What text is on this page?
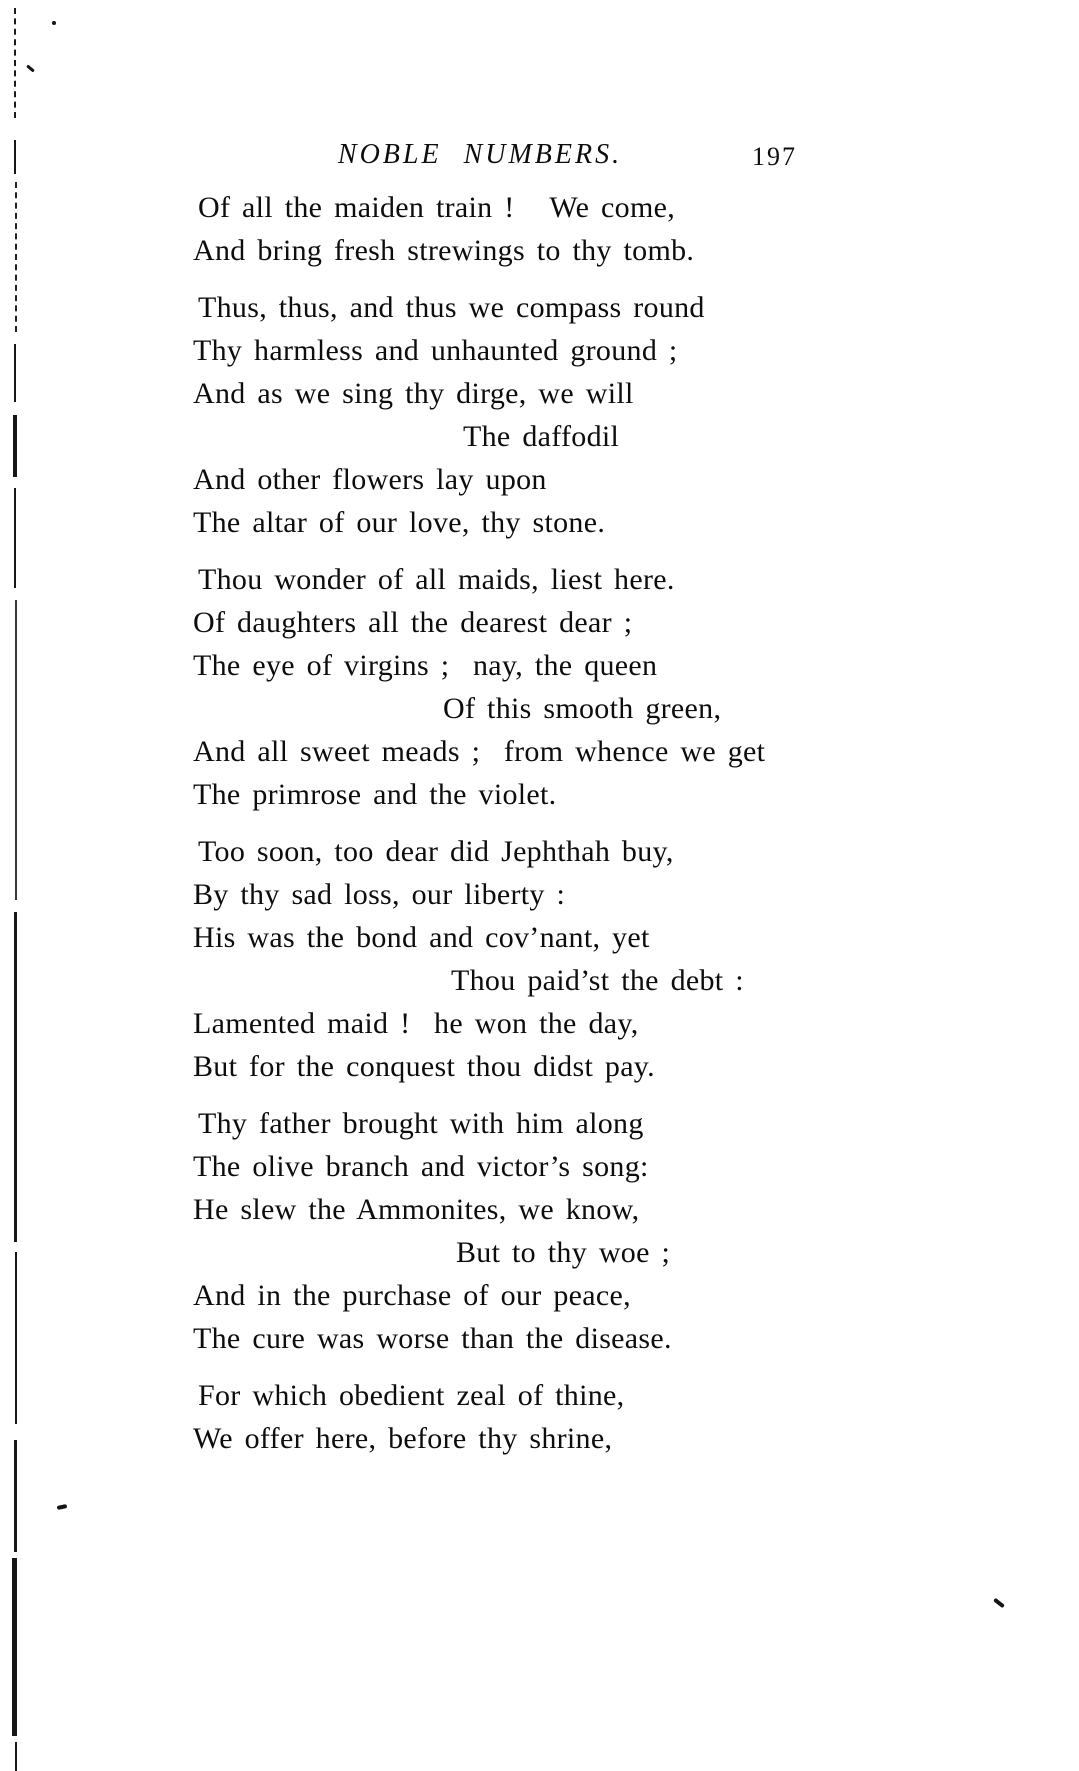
NOBLE NUMBERS.	197
Of all the maiden train !   We come,
And bring fresh strewings to thy tomb.
Thus, thus, and thus we compass round
Thy harmless and unhaunted ground ;
And as we sing thy dirge, we will
The daffodil
And other flowers lay upon
The altar of our love, thy stone.
Thou wonder of all maids, liest here.
Of daughters all the dearest dear ;
The eye of virgins ;  nay, the queen
Of this smooth green,
And all sweet meads ;  from whence we get
The primrose and the violet.
Too soon, too dear did Jephthah buy,
By thy sad loss, our liberty :
His was the bond and cov’nant, yet
Thou paid’st the debt :
Lamented maid !  he won the day,
But for the conquest thou didst pay.
Thy father brought with him along
The olive branch and victor’s song:
He slew the Ammonites, we know,
But to thy woe ;
And in the purchase of our peace,
The cure was worse than the disease.
For which obedient zeal of thine,
We offer here, before thy shrine,
